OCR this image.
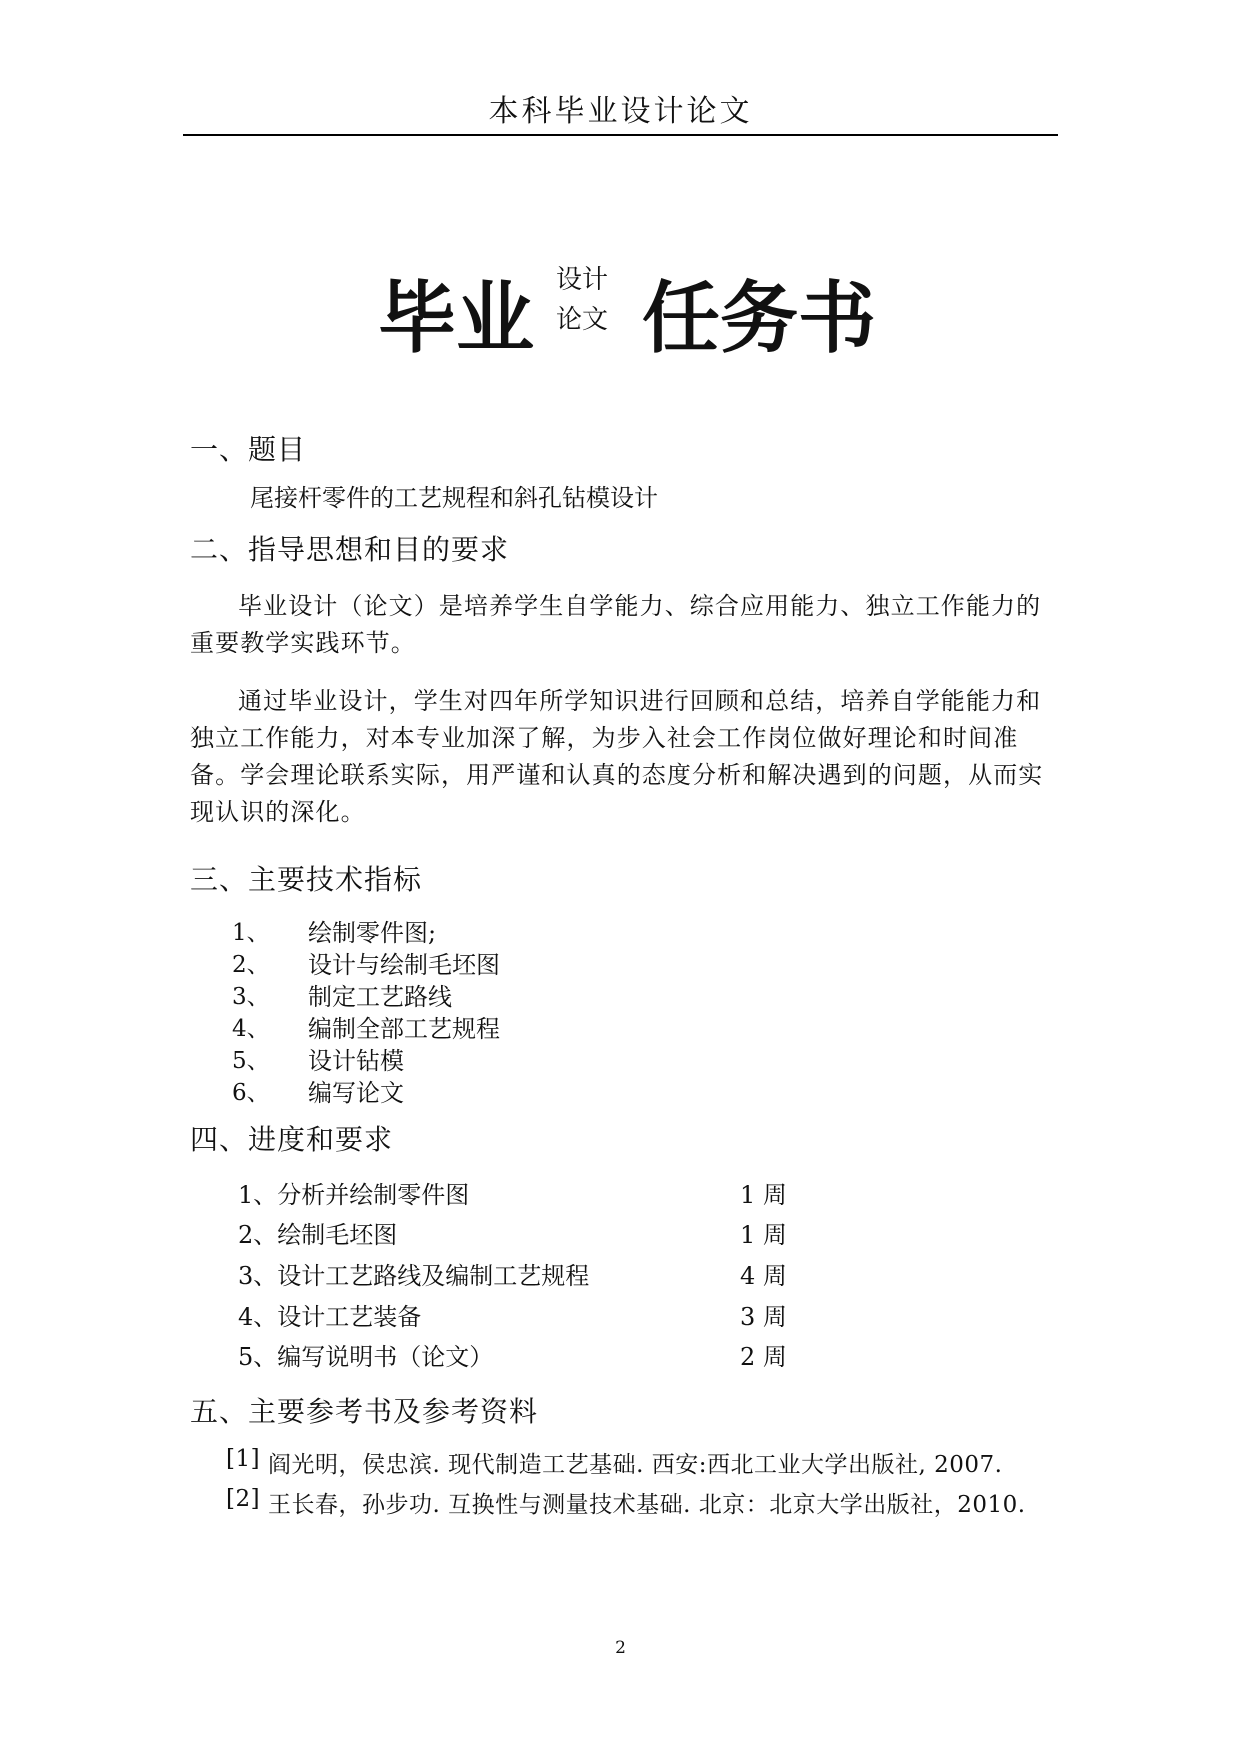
本科毕业设计论文
毕业 设计
论文 任务书
一、题目
尾接杆零件的工艺规程和斜孔钻模设计
二、指导思想和目的要求
毕业设计（论文）是培养学生自学能力、综合应用能力、独立工作能力的重要教学实践环节。
通过毕业设计，学生对四年所学知识进行回顾和总结，培养自学能能力和独立工作能力，对本专业加深了解，为步入社会工作岗位做好理论和时间准备。学会理论联系实际，用严谨和认真的态度分析和解决遇到的问题，从而实现认识的深化。
三、主要技术指标
1、 绘制零件图;
2、 设计与绘制毛坯图
3、 制定工艺路线
4、 编制全部工艺规程
5、 设计钻模
6、 编写论文
四、进度和要求
1、分析并绘制零件图	1 周
2、绘制毛坯图	1 周
3、设计工艺路线及编制工艺规程	4 周
4、设计工艺装备	3 周
5、编写说明书（论文）	2 周
五、主要参考书及参考资料
[1] 阎光明，侯忠滨. 现代制造工艺基础. 西安:西北工业大学出版社, 2007.
[2] 王长春，孙步功. 互换性与测量技术基础. 北京：北京大学出版社，2010.
2
